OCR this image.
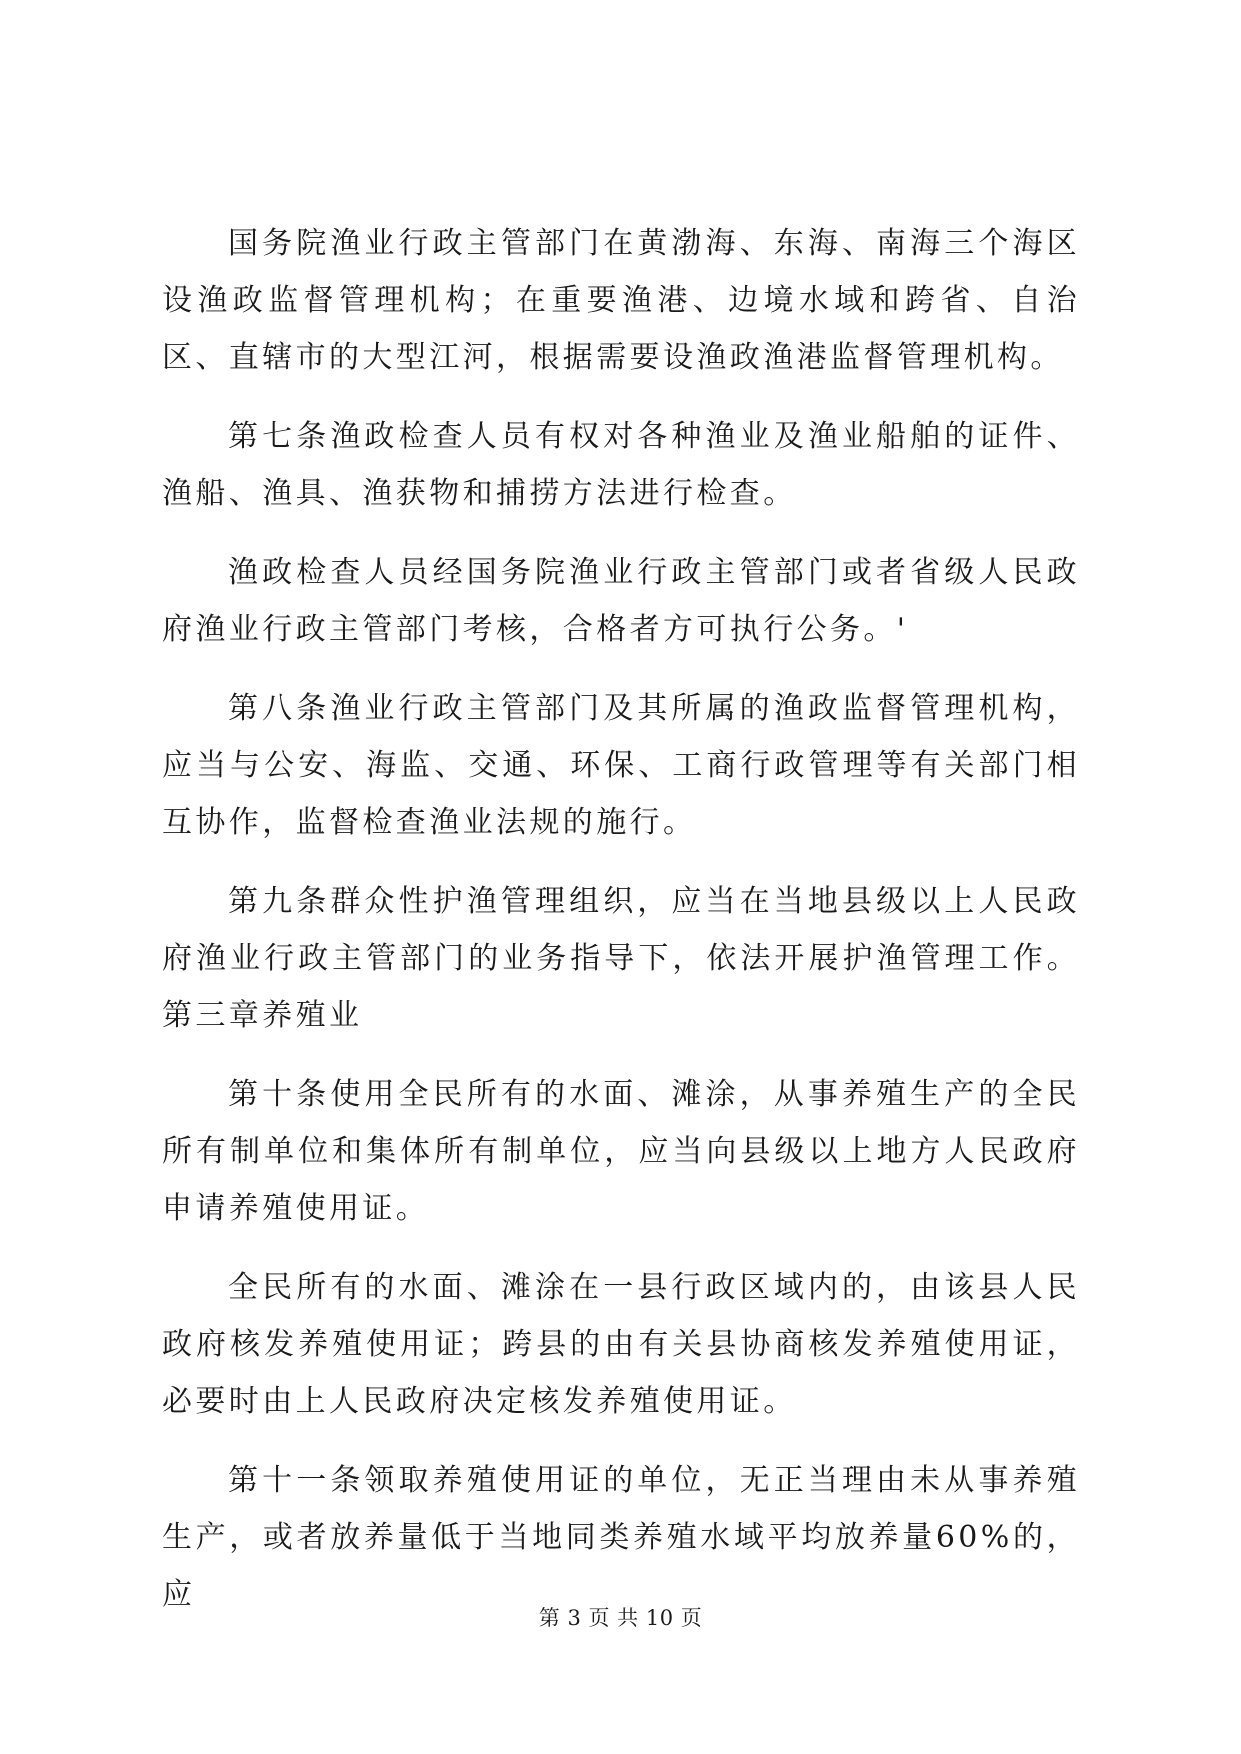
国务院渔业行政主管部门在黄渤海、东海、南海三个海区设渔政监督管理机构；在重要渔港、边境水域和跨省、自治区、直辖市的大型江河，根据需要设渔政渔港监督管理机构。

第七条渔政检查人员有权对各种渔业及渔业船舶的证件、渔船、渔具、渔获物和捕捞方法进行检查。

渔政检查人员经国务院渔业行政主管部门或者省级人民政府渔业行政主管部门考核，合格者方可执行公务。'

第八条渔业行政主管部门及其所属的渔政监督管理机构，应当与公安、海监、交通、环保、工商行政管理等有关部门相互协作，监督检查渔业法规的施行。

第九条群众性护渔管理组织，应当在当地县级以上人民政府渔业行政主管部门的业务指导下，依法开展护渔管理工作。第三章养殖业

第十条使用全民所有的水面、滩涂，从事养殖生产的全民所有制单位和集体所有制单位，应当向县级以上地方人民政府申请养殖使用证。

全民所有的水面、滩涂在一县行政区域内的，由该县人民政府核发养殖使用证；跨县的由有关县协商核发养殖使用证，必要时由上人民政府决定核发养殖使用证。

第十一条领取养殖使用证的单位，无正当理由未从事养殖生产，或者放养量低于当地同类养殖水域平均放养量60%的，应

第 3 页 共 10 页
